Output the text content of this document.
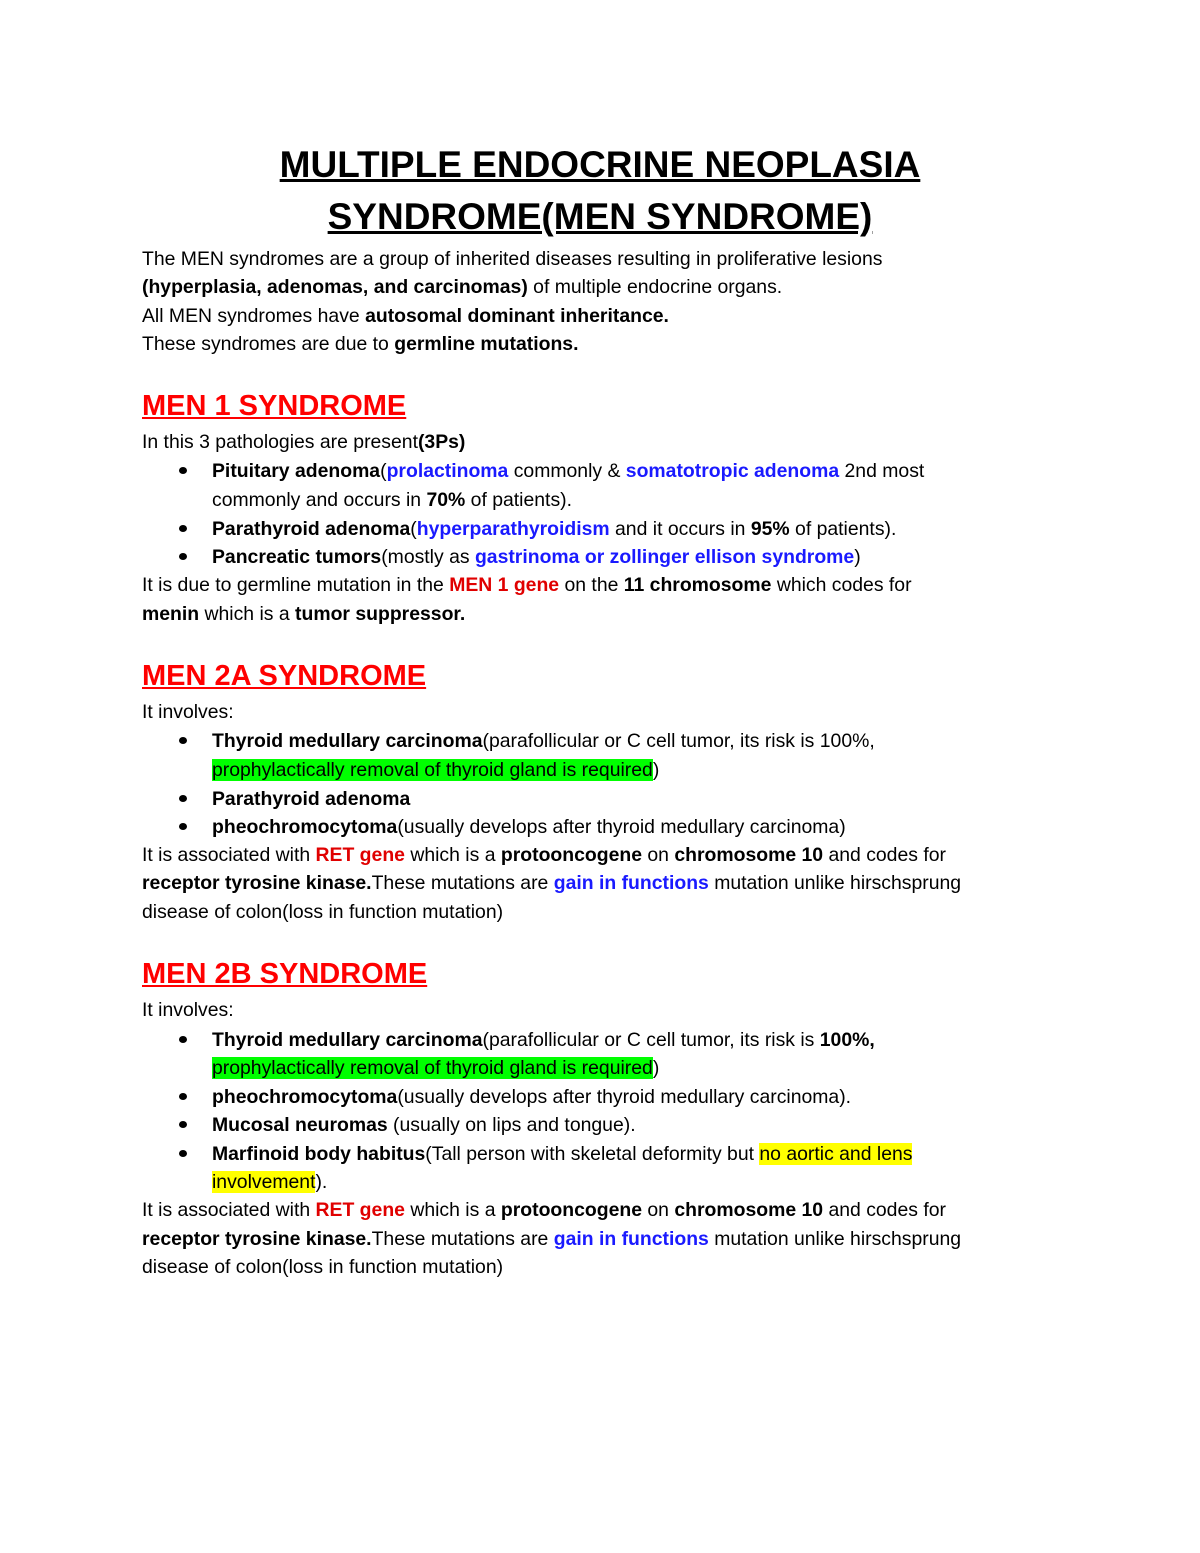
MULTIPLE ENDOCRINE NEOPLASIA
SYNDROME(MEN SYNDROME)

The MEN syndromes are a group of inherited diseases resulting in proliferative lesions

(hyperplasia, adenomas, and carcinomas) of multiple endocrine organs.

All MEN syndromes have autosomal dominant inheritance.

These syndromes are due to germline mutations.

MEN 1 SYNDROME

In this 3 pathologies are present(3Ps)

Pituitary adenoma(prolactinoma commonly & somatotropic adenoma 2nd most

commonly and occurs in 70% of patients).

Parathyroid adenoma(hyperparathyroidism and it occurs in 95% of patients).

Pancreatic tumors(mostly as gastrinoma or zollinger ellison syndrome)

It is due to germline mutation in the MEN 1 gene on the 11 chromosome which codes for

menin which is a tumor suppressor.

MEN 2A SYNDROME

It involves:

Thyroid medullary carcinoma(parafollicular or C cell tumor, its risk is 100%,

prophylactically removal of thyroid gland is required)

Parathyroid adenoma

pheochromocytoma(usually develops after thyroid medullary carcinoma)

It is associated with RET gene which is a protooncogene on chromosome 10 and codes for

receptor tyrosine kinase.These mutations are gain in functions mutation unlike hirschsprung

disease of colon(loss in function mutation)

MEN 2B SYNDROME

It involves:

Thyroid medullary carcinoma(parafollicular or C cell tumor, its risk is 100%,

prophylactically removal of thyroid gland is required)

pheochromocytoma(usually develops after thyroid medullary carcinoma).

Mucosal neuromas (usually on lips and tongue).

Marfinoid body habitus(Tall person with skeletal deformity but no aortic and lens

involvement).

It is associated with RET gene which is a protooncogene on chromosome 10 and codes for

receptor tyrosine kinase.These mutations are gain in functions mutation unlike hirschsprung

disease of colon(loss in function mutation)
